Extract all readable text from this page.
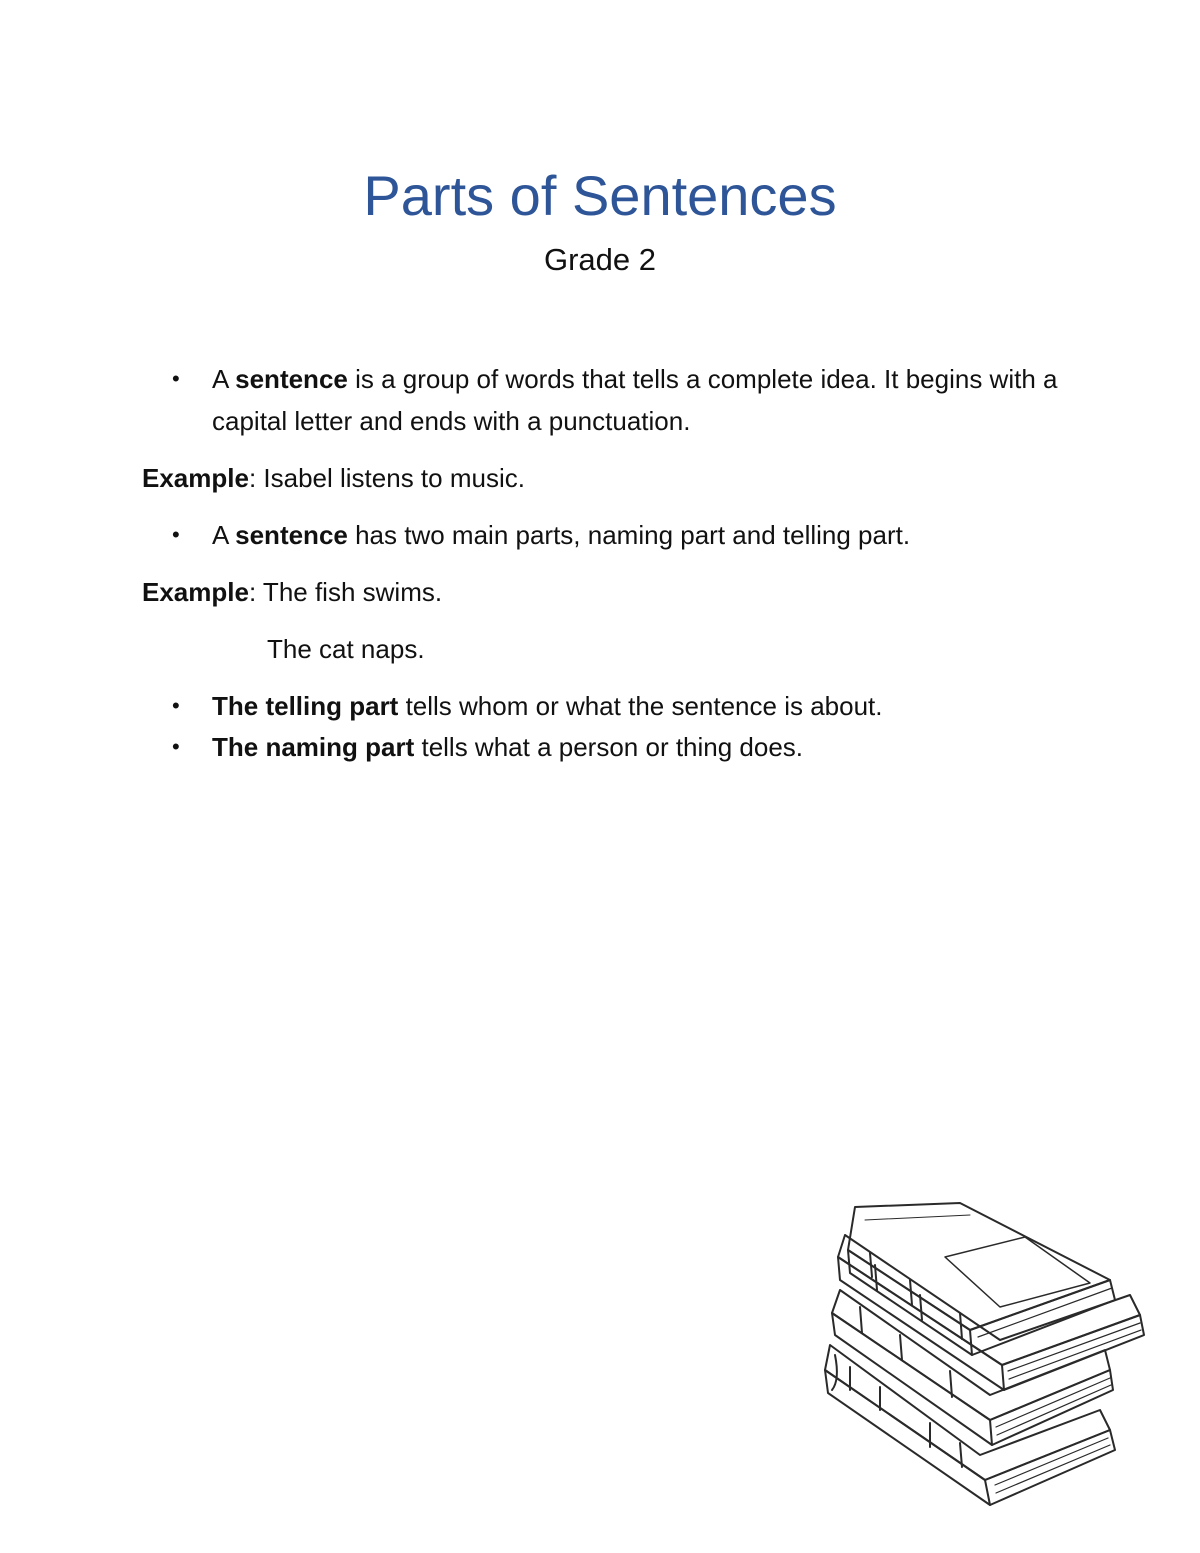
Parts of Sentences
Grade 2
•	A sentence is a group of words that tells a complete idea. It begins with a capital letter and ends with a punctuation.
Example: Isabel listens to music.
•	A sentence has two main parts, naming part and telling part.
Example: The fish swims.
The cat naps.
•	The telling part tells whom or what the sentence is about.
•	The naming part tells what a person or thing does.
